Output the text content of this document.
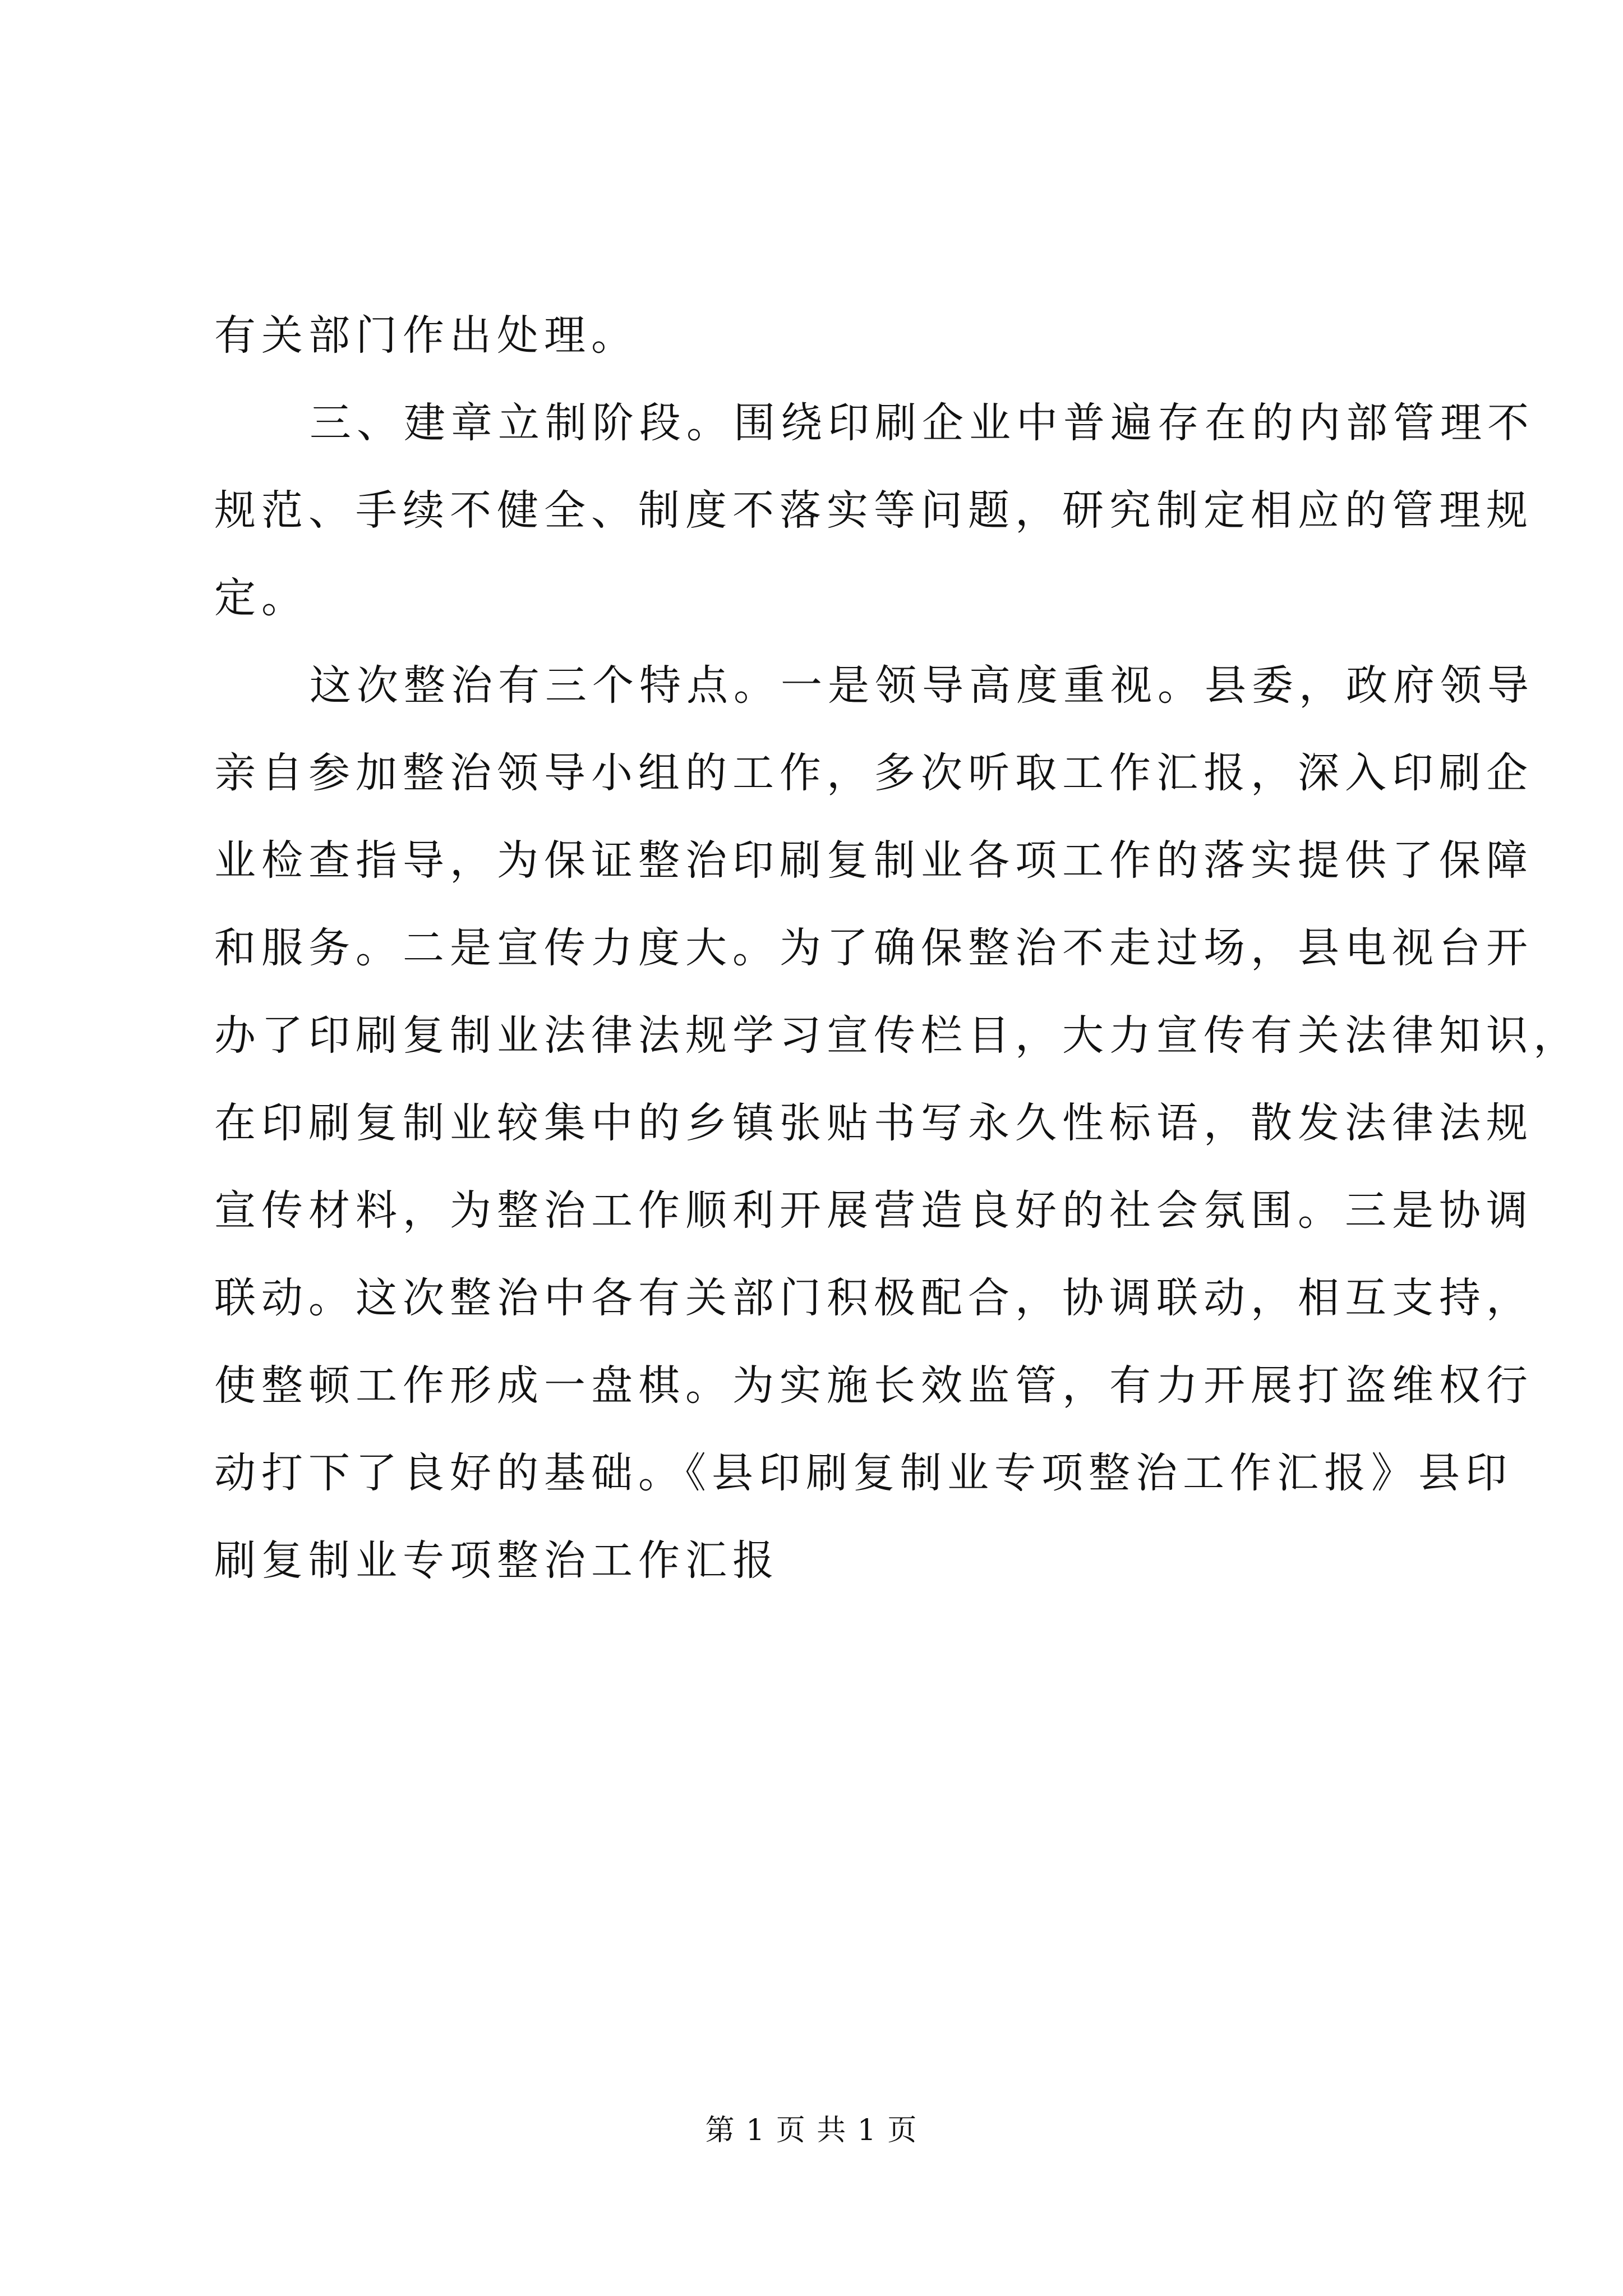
有关部门作出处理。

三、建章立制阶段。围绕印刷企业中普遍存在的内部管理不
规范、手续不健全、制度不落实等问题，研究制定相应的管理规
定。

这次整治有三个特点。一是领导高度重视。县委，政府领导
亲自参加整治领导小组的工作，多次听取工作汇报，深入印刷企
业检查指导，为保证整治印刷复制业各项工作的落实提供了保障
和服务。二是宣传力度大。为了确保整治不走过场，县电视台开
办了印刷复制业法律法规学习宣传栏目，大力宣传有关法律知识，
在印刷复制业较集中的乡镇张贴书写永久性标语，散发法律法规
宣传材料，为整治工作顺利开展营造良好的社会氛围。三是协调
联动。这次整治中各有关部门积极配合，协调联动，相互支持，
使整顿工作形成一盘棋。为实施长效监管，有力开展打盗维权行
动打下了良好的基础。《县印刷复制业专项整治工作汇报》县印
刷复制业专项整治工作汇报

第 1 页 共 1 页
